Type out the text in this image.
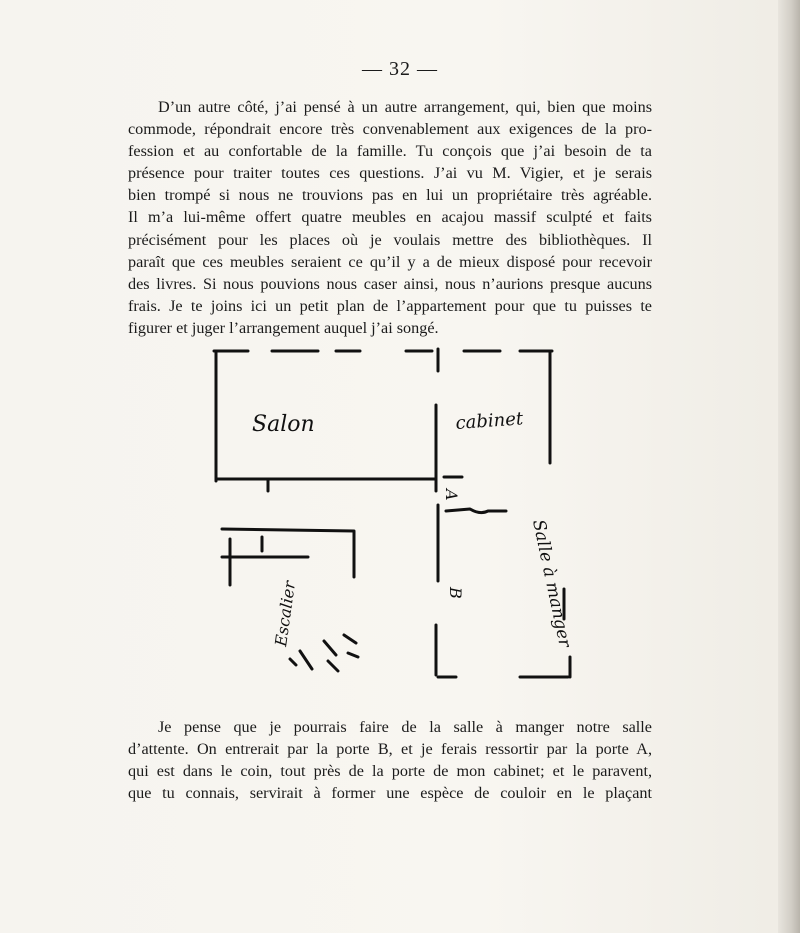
— 32 —
D’un autre côté, j’ai pensé à un autre arrangement, qui, bien que moins
commode, répondrait encore très convenablement aux exigences de la pro-
fession et au confortable de la famille. Tu conçois que j’ai besoin de ta
présence pour traiter toutes ces questions. J’ai vu M. Vigier, et je serais
bien trompé si nous ne trouvions pas en lui un propriétaire très agréable.
Il m’a lui-même offert quatre meubles en acajou massif sculpté et faits
précisément pour les places où je voulais mettre des bibliothèques. Il
paraît que ces meubles seraient ce qu’il y a de mieux disposé pour recevoir
des livres. Si nous pouvions nous caser ainsi, nous n’aurions presque aucuns
frais. Je te joins ici un petit plan de l’appartement pour que tu puisses te
figurer et juger l’arrangement auquel j’ai songé.
Salon	cabinet
Salle à manger
A
B
Escalier
Je pense que je pourrais faire de la salle à manger notre salle
d’attente. On entrerait par la porte B, et je ferais ressortir par la porte A,
qui est dans le coin, tout près de la porte de mon cabinet; et le paravent,
que tu connais, servirait à former une espèce de couloir en le plaçant
